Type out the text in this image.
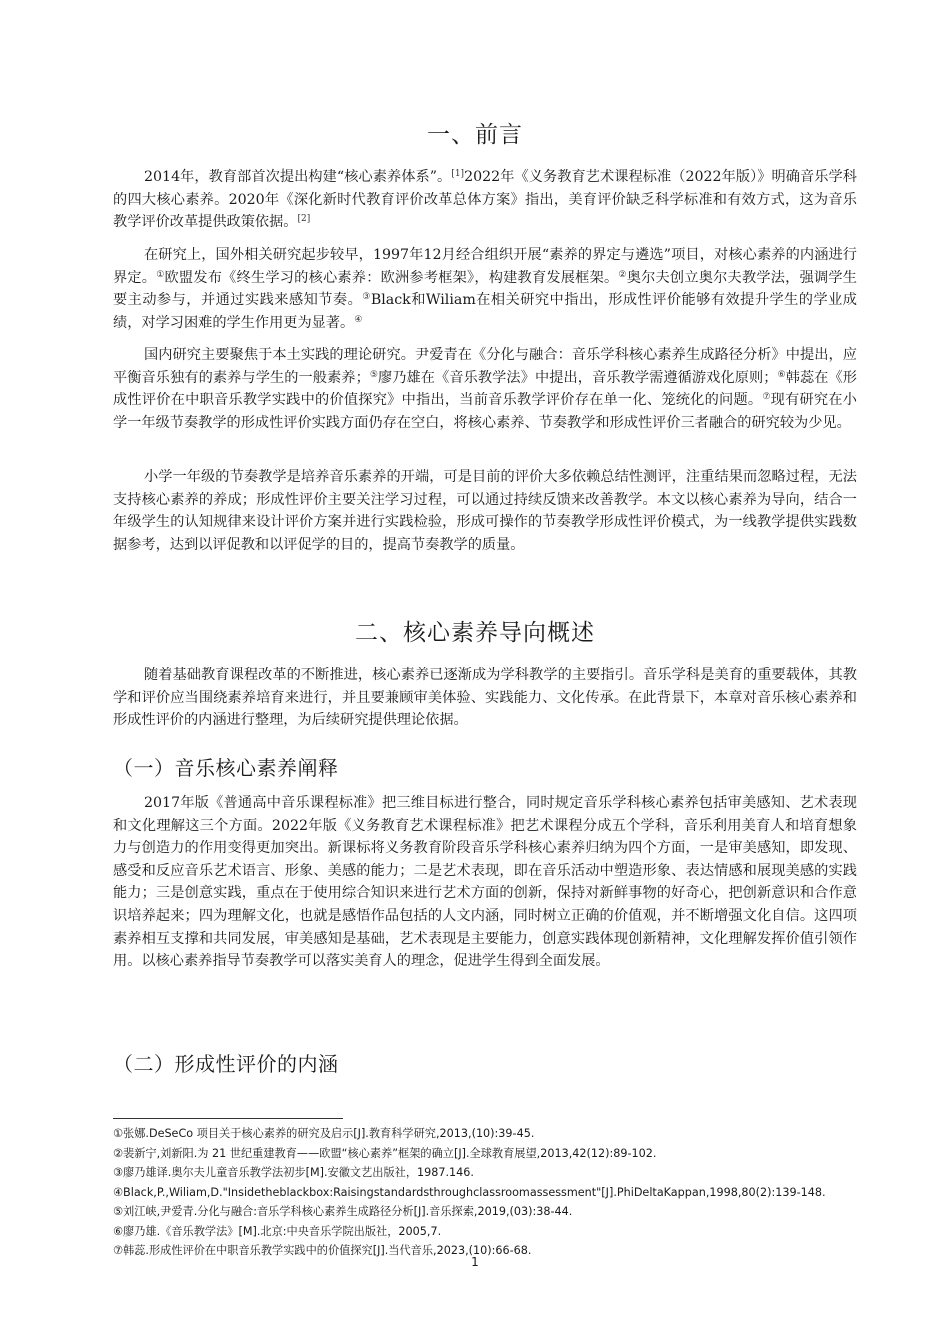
一、前言

2014年，教育部首次提出构建“核心素养体系”。[1]2022年《义务教育艺术课程标准（2022年版）》明确音乐学科的四大核心素养。2020年《深化新时代教育评价改革总体方案》指出，美育评价缺乏科学标准和有效方式，这为音乐教学评价改革提供政策依据。[2]

在研究上，国外相关研究起步较早，1997年12月经合组织开展“素养的界定与遴选”项目，对核心素养的内涵进行界定。①欧盟发布《终生学习的核心素养：欧洲参考框架》，构建教育发展框架。②奥尔夫创立奥尔夫教学法，强调学生要主动参与，并通过实践来感知节奏。③Black和Wiliam在相关研究中指出，形成性评价能够有效提升学生的学业成绩，对学习困难的学生作用更为显著。④

国内研究主要聚焦于本土实践的理论研究。尹爱青在《分化与融合：音乐学科核心素养生成路径分析》中提出，应平衡音乐独有的素养与学生的一般素养；⑤廖乃雄在《音乐教学法》中提出，音乐教学需遵循游戏化原则；⑥韩蕊在《形成性评价在中职音乐教学实践中的价值探究》中指出，当前音乐教学评价存在单一化、笼统化的问题。⑦现有研究在小学一年级节奏教学的形成性评价实践方面仍存在空白，将核心素养、节奏教学和形成性评价三者融合的研究较为少见。

小学一年级的节奏教学是培养音乐素养的开端，可是目前的评价大多依赖总结性测评，注重结果而忽略过程，无法支持核心素养的养成；形成性评价主要关注学习过程，可以通过持续反馈来改善教学。本文以核心素养为导向，结合一年级学生的认知规律来设计评价方案并进行实践检验，形成可操作的节奏教学形成性评价模式，为一线教学提供实践数据参考，达到以评促教和以评促学的目的，提高节奏教学的质量。

二、核心素养导向概述

随着基础教育课程改革的不断推进，核心素养已逐渐成为学科教学的主要指引。音乐学科是美育的重要载体，其教学和评价应当围绕素养培育来进行，并且要兼顾审美体验、实践能力、文化传承。在此背景下，本章对音乐核心素养和形成性评价的内涵进行整理，为后续研究提供理论依据。

（一）音乐核心素养阐释

2017年版《普通高中音乐课程标准》把三维目标进行整合，同时规定音乐学科核心素养包括审美感知、艺术表现和文化理解这三个方面。2022年版《义务教育艺术课程标准》把艺术课程分成五个学科，音乐利用美育人和培育想象力与创造力的作用变得更加突出。新课标将义务教育阶段音乐学科核心素养归纳为四个方面，一是审美感知，即发现、感受和反应音乐艺术语言、形象、美感的能力；二是艺术表现，即在音乐活动中塑造形象、表达情感和展现美感的实践能力；三是创意实践，重点在于使用综合知识来进行艺术方面的创新，保持对新鲜事物的好奇心，把创新意识和合作意识培养起来；四为理解文化，也就是感悟作品包括的人文内涵，同时树立正确的价值观，并不断增强文化自信。这四项素养相互支撑和共同发展，审美感知是基础，艺术表现是主要能力，创意实践体现创新精神，文化理解发挥价值引领作用。以核心素养指导节奏教学可以落实美育人的理念，促进学生得到全面发展。

（二）形成性评价的内涵
①张娜.DeSeCo 项目关于核心素养的研究及启示[J].教育科学研究,2013,(10):39-45.
②裴新宁,刘新阳.为 21 世纪重建教育——欧盟“核心素养”框架的确立[J].全球教育展望,2013,42(12):89-102.
③廖乃雄译.奥尔夫儿童音乐教学法初步[M].安徽文艺出版社，1987.146.
④Black,P.,Wiliam,D."Insidetheblackbox:Raisingstandardsthroughclassroomassessment"[J].PhiDeltaKappan,1998,80(2):139-148.
⑤刘江峡,尹爱青.分化与融合:音乐学科核心素养生成路径分析[J].音乐探索,2019,(03):38-44.
⑥廖乃雄.《音乐教学法》[M].北京:中央音乐学院出版社，2005,7.
⑦韩蕊.形成性评价在中职音乐教学实践中的价值探究[J].当代音乐,2023,(10):66-68.
1
